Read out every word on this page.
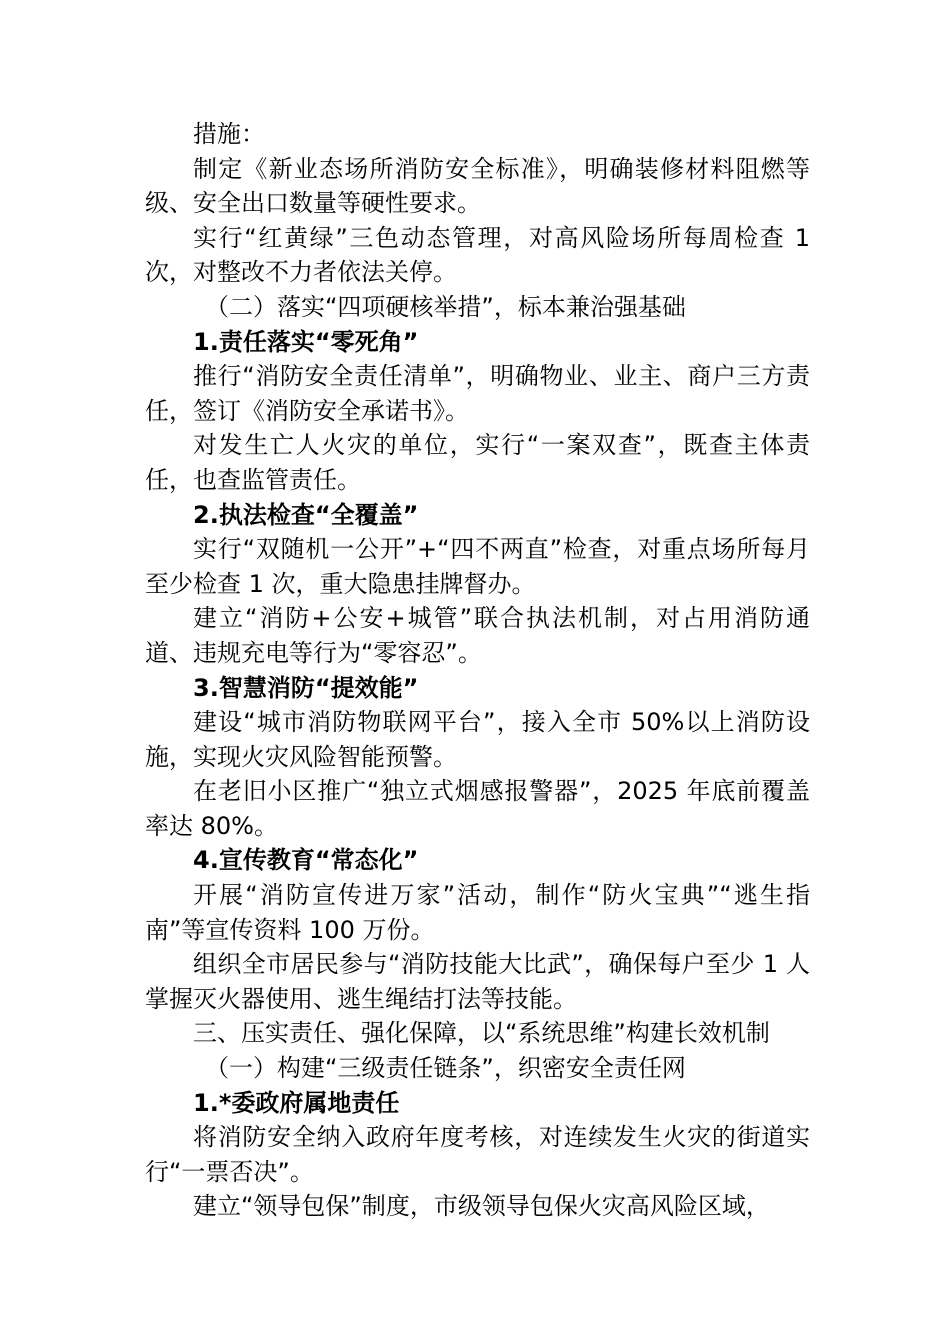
措施：

制定《新业态场所消防安全标准》，明确装修材料阻燃等级、安全出口数量等硬性要求。

实行“红黄绿”三色动态管理，对高风险场所每周检查 1 次，对整改不力者依法关停。

（二）落实“四项硬核举措”，标本兼治强基础

1.责任落实“零死角”

推行“消防安全责任清单”，明确物业、业主、商户三方责任，签订《消防安全承诺书》。

对发生亡人火灾的单位，实行“一案双查”，既查主体责任，也查监管责任。

2.执法检查“全覆盖”

实行“双随机一公开”+“四不两直”检查，对重点场所每月至少检查 1 次，重大隐患挂牌督办。

建立“消防+公安+城管”联合执法机制，对占用消防通道、违规充电等行为“零容忍”。

3.智慧消防“提效能”

建设“城市消防物联网平台”，接入全市 50%以上消防设施，实现火灾风险智能预警。

在老旧小区推广“独立式烟感报警器”，2025 年底前覆盖率达 80%。

4.宣传教育“常态化”

开展“消防宣传进万家”活动，制作“防火宝典”“逃生指南”等宣传资料 100 万份。

组织全市居民参与“消防技能大比武”，确保每户至少 1 人掌握灭火器使用、逃生绳结打法等技能。

三、压实责任、强化保障，以“系统思维”构建长效机制

（一）构建“三级责任链条”，织密安全责任网

1.*委政府属地责任

将消防安全纳入政府年度考核，对连续发生火灾的街道实行“一票否决”。

建立“领导包保”制度，市级领导包保火灾高风险区域，
